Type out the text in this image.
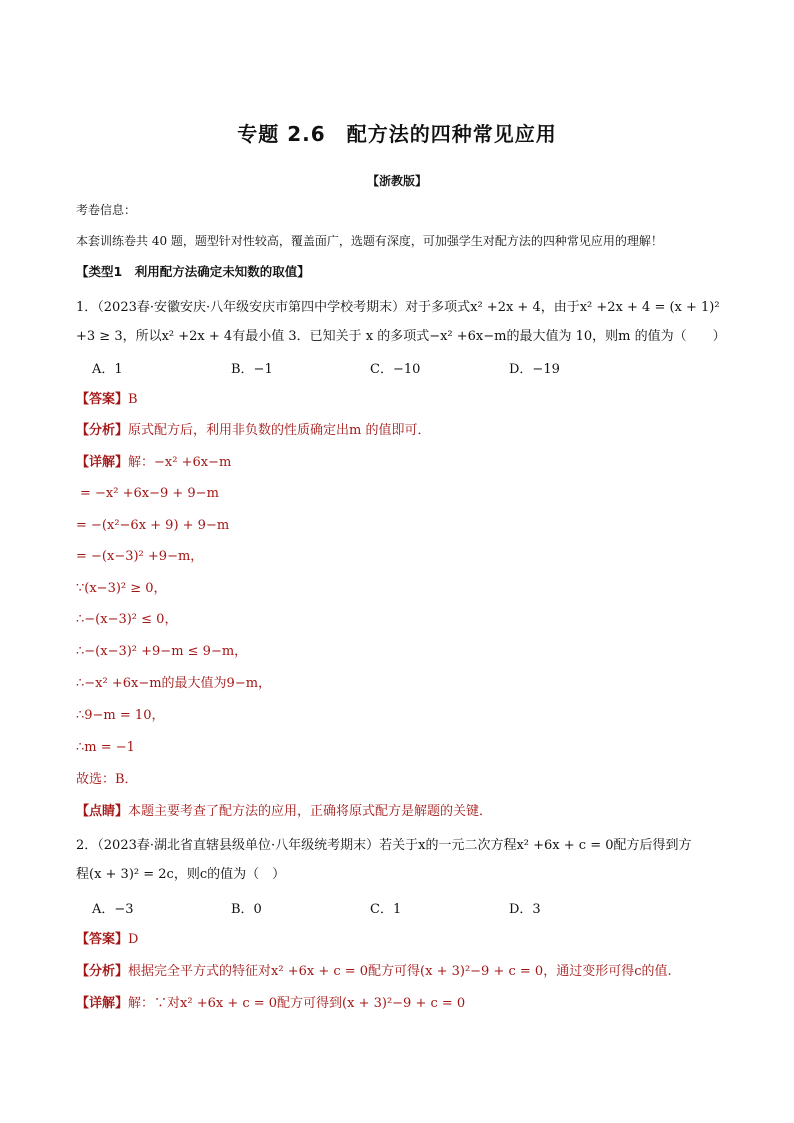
专题 2.6　配方法的四种常见应用
【浙教版】
考卷信息：
本套训练卷共 40 题，题型针对性较高，覆盖面广，选题有深度，可加强学生对配方法的四种常见应用的理解！
【类型1　利用配方法确定未知数的取值】
1．（2023春·安徽安庆·八年级安庆市第四中学校考期末）对于多项式x² +2x + 4，由于x² +2x + 4 = (x + 1)²
+3 ≥ 3，所以x² +2x + 4有最小值 3．已知关于 x 的多项式−x² +6x−m的最大值为 10，则m 的值为（　　）
A．1	B．−1	C．−10	D．−19
【答案】B
【分析】原式配方后，利用非负数的性质确定出m 的值即可．
【详解】解：−x² +6x−m
= −x² +6x−9 + 9−m
= −(x²−6x + 9) + 9−m
= −(x−3)² +9−m，
∵(x−3)² ≥ 0，
∴−(x−3)² ≤ 0，
∴−(x−3)² +9−m ≤ 9−m，
∴−x² +6x−m的最大值为9−m，
∴9−m = 10，
∴m = −1
故选：B．
【点睛】本题主要考查了配方法的应用，正确将原式配方是解题的关键．
2．（2023春·湖北省直辖县级单位·八年级统考期末）若关于x的一元二次方程x² +6x + c = 0配方后得到方
程(x + 3)² = 2c，则c的值为（　）
A．−3	B．0	C．1	D．3
【答案】D
【分析】根据完全平方式的特征对x² +6x + c = 0配方可得(x + 3)²−9 + c = 0，通过变形可得c的值.
【详解】解：∵对x² +6x + c = 0配方可得到(x + 3)²−9 + c = 0
